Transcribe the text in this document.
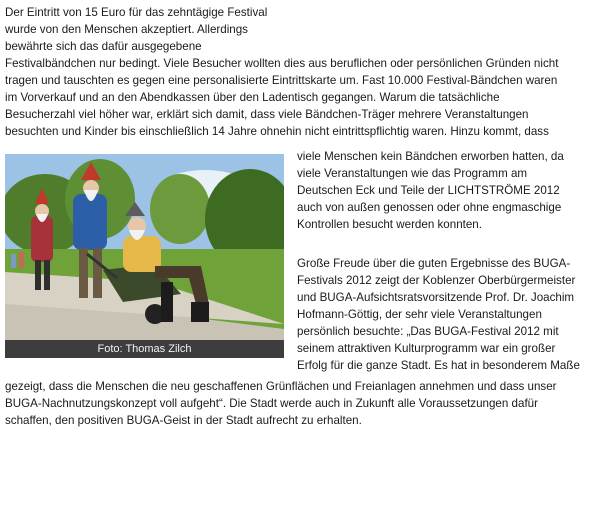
Der Eintritt von 15 Euro für das zehntägige Festival
wurde von den Menschen akzeptiert. Allerdings
bewährte sich das dafür ausgegebene
Festivalbändchen nur bedingt. Viele Besucher wollten dies aus beruflichen oder persönlichen Gründen nicht
tragen und tauschten es gegen eine personalisierte Eintrittskarte um. Fast 10.000 Festival-Bändchen waren
im Vorverkauf und an den Abendkassen über den Ladentisch gegangen. Warum die tatsächliche
Besucherzahl viel höher war, erklärt sich damit, dass viele Bändchen-Träger mehrere Veranstaltungen
besuchten und Kinder bis einschließlich 14 Jahre ohnehin nicht eintrittspflichtig waren. Hinzu kommt, dass
Foto: Thomas Zilch
viele Menschen kein Bändchen erworben hatten, da
viele Veranstaltungen wie das Programm am
Deutschen Eck und Teile der LICHTSTRÖME 2012
auch von außen genossen oder ohne engmaschige
Kontrollen besucht werden konnten.
Große Freude über die guten Ergebnisse des BUGA-
Festivals 2012 zeigt der Koblenzer Oberbürgermeister
und BUGA-Aufsichtsratsvorsitzende Prof. Dr. Joachim
Hofmann-Göttig, der sehr viele Veranstaltungen
persönlich besuchte: „Das BUGA-Festival 2012 mit
seinem attraktiven Kulturprogramm war ein großer
Erfolg für die ganze Stadt. Es hat in besonderem Maße
gezeigt, dass die Menschen die neu geschaffenen Grünflächen und Freianlagen annehmen und dass unser
BUGA-Nachnutzungskonzept voll aufgeht“. Die Stadt werde auch in Zukunft alle Voraussetzungen dafür
schaffen, den positiven BUGA-Geist in der Stadt aufrecht zu erhalten.
